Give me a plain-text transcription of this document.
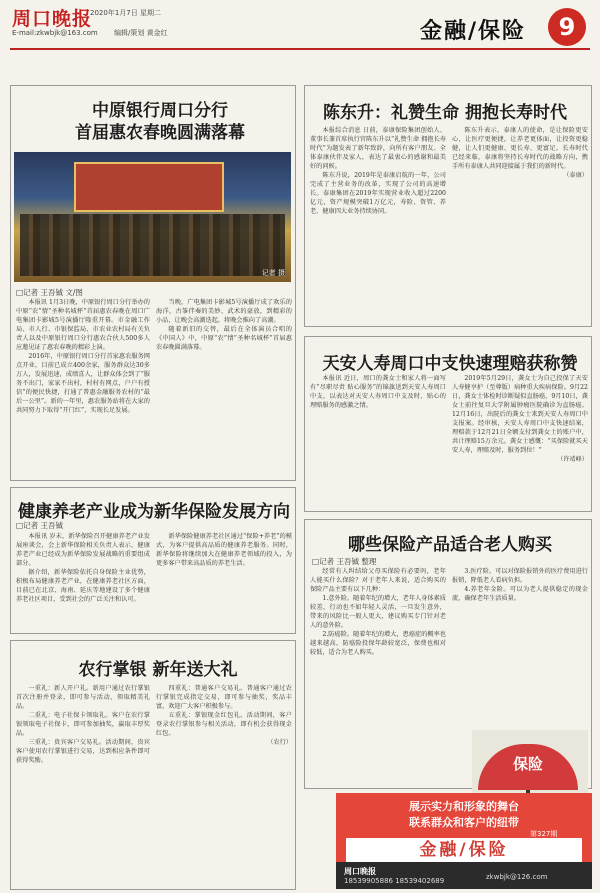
周口晚报
2020年1月7日 星期二
E-mail:zkwbjk@163.com 编辑/策划 黄金红	金融/保险	9
中原银行周口分行
首届惠农春晚圆满落幕
记者 摄
□记者 王吾铖 文/图

本报讯 1月3日晚，中原银行周口分行举办的中原“农”情“圣种名城杯”首届惠农春晚在周口广电集团卡影城5号演播厅隆重开幕。市金融工作局、市人行、市银保监局、市农业农村局有关负责人以及中原银行周口分行惠农合伙人500多人应邀见证了惠农春晚的精彩上演。

2016年，中原银行周口分行首家惠农服务网点开业，目前已成立400余家，服务群众达30多万人，发展迅速，成绩喜人，让群众体会到了“服务不出门，家家不出村，村村有网点，户户有授信”的便民快捷，打通了普惠金融服务农村的“最后一公里”。新的一年里，惠农服务站将在大家的共同努力下取得“开门红”，实现长足发展。

当晚，广电集团卡影城5号演播厅成了欢乐的海洋，古筝伴奏的美妙、武术的豪放，到精彩的小品，让晚会高潮迭起，将晚会推向了高潮。

随着新旧的交替，最后在全体演员合唱的《中国人》中，中原“农”情“圣种名城杯”首届惠农春晚圆满落幕。

陈东升：礼赞生命 拥抱长寿时代

本报综合消息 日前，泰康保险集团创始人、董事长兼首席执行官陈东升以“礼赞生命 拥抱长寿时代”为题发表了新年致辞，向所有客户朋友、全体泰康伙伴及家人，表达了最衷心的感谢和最美好的问候。

陈东升说，2019年是泰康启航的一年，公司完成了主营业务的改革，实现了公司的高速增长。泰康集团在2019年实现营业收入超过2200亿元，资产规模突破1万亿元，寿险、资管、养老、健康四大业务持续协同。

陈东升表示，泰康人的使命，是让保险更安心，让医疗更便捷，让养老更体面，让投资更稳健，让人们更健康、更长寿、更富足。长寿时代已经来临，泰康将坚持长寿时代的战略方向，携手所有泰康人共同迎接属于我们的新时代。

（泰康）

天安人寿周口中支快速理赔获称赞

本报讯 近日，周口的龚女士和家人将一面写有“尽职尽责 贴心服务”的锦旗送到天安人寿周口中支，以表达对天安人寿周口中支及时、贴心的理赔服务的感激之情。

2019年5月29日，龚女士为自己投保了天安人寿健享护（至尊版）病种重大疾病保险。9月22日，龚女士体检时诊断疑似直肠癌，9月10日，龚女士前往复旦大学附属肿瘤医院确诊为直肠癌。12月16日，出院后的龚女士来到天安人寿周口中支报案。经审核，天安人寿周口中支快速结案，理赔款于12月21日全额支付到龚女士的账户中，共计理赔15万余元。龚女士感慨：“买保险就买天安人寿，理赔及时，服务到位！”

（许靖峰）

哪些保险产品适合老人购买
□记者 王吾铖 整理

经常有人纠结给父母买保险有必要吗，老年人能买什么保险？对于老年人来说，适合购买的保险产品主要有以下几种：

1.意外险。随着年纪的增大，老年人身体素质较差，行动也不如年轻人灵活，一旦发生意外，带来的风险比一般人更大，建议购买专门针对老人的意外险。

2.防癌险。随着年纪的增大，患癌症的概率也越来越高，防癌险投保年龄较宽泛，保费也相对较低，适合为老人购买。

3.医疗险。可以对保险报销外的医疗费用进行报销，降低老人看病负担。

4.养老年金险。可以为老人提供稳定的现金流，确保老年生活质量。

保险
健康养老产业成为新华保险发展方向
□记者 王吾铖

本报讯 岁末，新华保险召开健康养老产业发展座谈会，会上新华保险相关负责人表示，健康养老产业已经成为新华保险发展战略的重要组成部分。

据介绍，新华保险依托自身保险主业优势，积极布局健康养老产业，在健康养老社区方面，目前已在北京、海南、延庆等地建设了多个健康养老社区项目，受到社会的广泛关注和认可。

新华保险健康养老社区通过“保险+养老”的模式，为客户提供高品质的健康养老服务。同时，新华保险将继续加大在健康养老领域的投入，为更多客户带来高品质的养老生活。

农行掌银 新年送大礼

一重礼：新人开户礼。新用户通过农行掌银首次注册并登录，即可参与活动，领取精美礼品。

二重礼：电子社保卡领取礼。客户在农行掌银领取电子社保卡，即可参加抽奖，赢取丰厚奖品。

三重礼：贵宾客户交易礼。活动期间，贵宾客户使用农行掌银进行交易，达到相应条件即可获得奖励。

四重礼：普通客户交易礼。普通客户通过农行掌银完成指定交易，即可参与抽奖，奖品丰富，欢迎广大客户积极参与。

五重礼：掌银现金红包礼。活动期间，客户登录农行掌银参与相关活动，即有机会获得现金红包。

（农行）

展示实力和形象的舞台
联系群众和客户的纽带
第327期
金融/保险
周口晚报
18539905886 18539402689	zkwbjk@126.com
